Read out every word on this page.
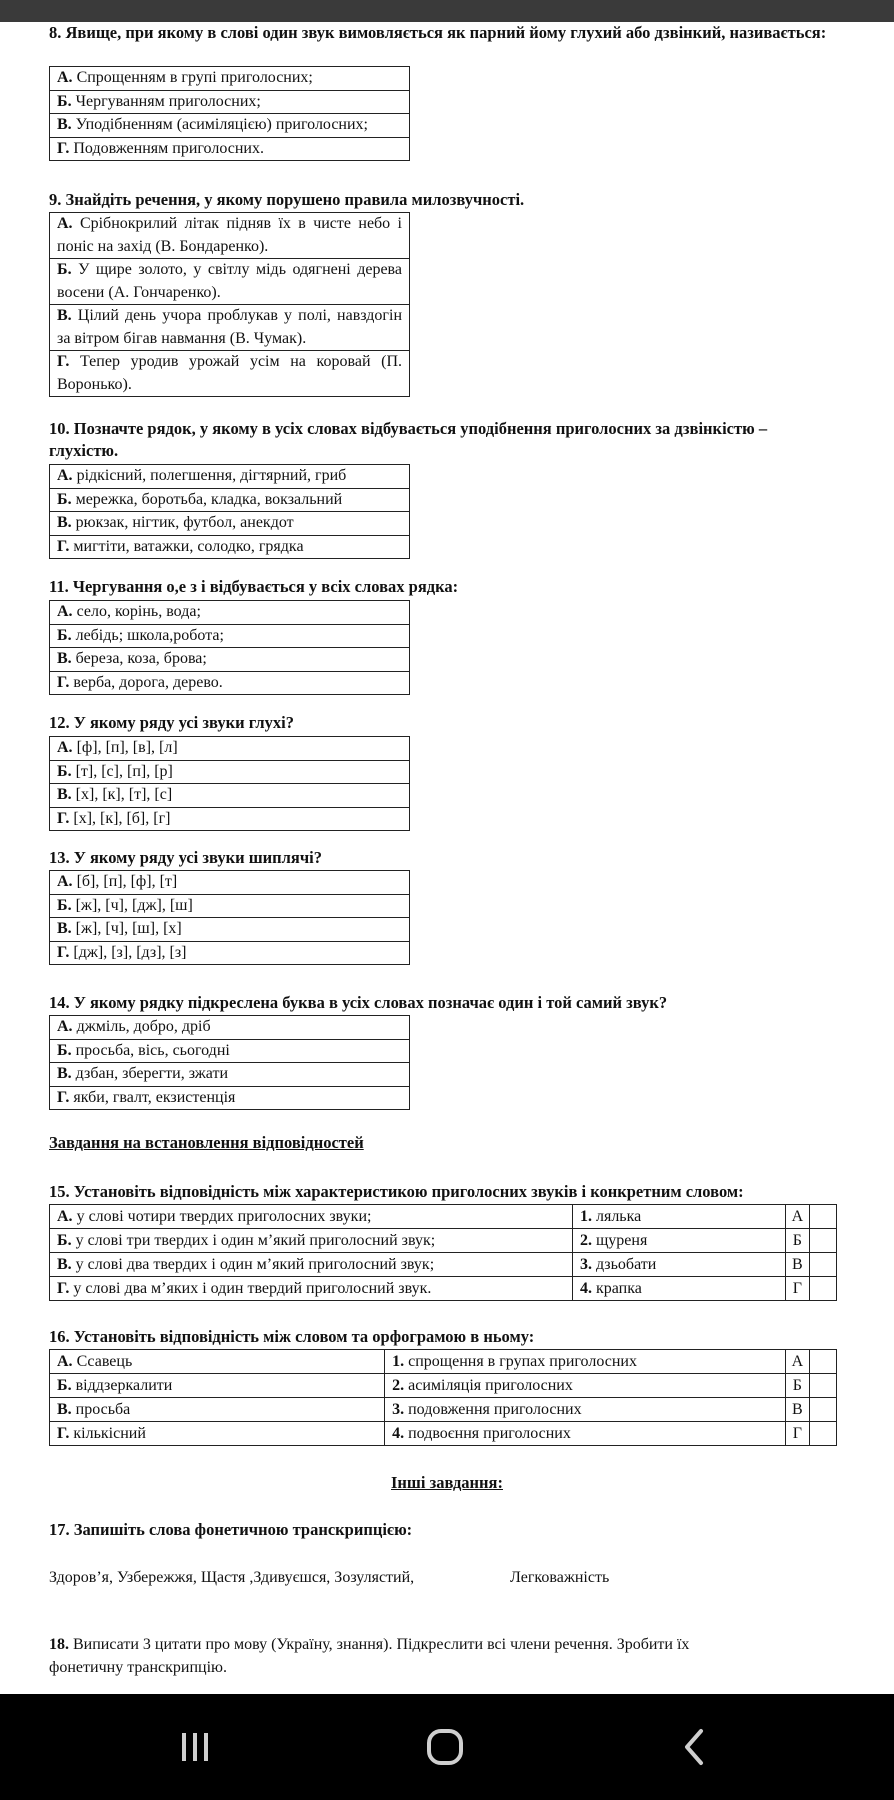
8. Явище, при якому в слові один звук вимовляється як парний йому глухий або дзвінкий, називається:
А. Спрощенням в групі приголосних;
Б. Чергуванням приголосних;
В. Уподібненням (асиміляцією) приголосних;
Г. Подовженням приголосних.
9. Знайдіть речення, у якому порушено правила милозвучності.
А. Срібнокрилий літак підняв їх в чисте небо і поніс на захід (В. Бондаренко).
Б. У щире золото, у світлу мідь одягнені дерева восени (А. Гончаренко).
В. Цілий день учора проблукав у полі, навздогін за вітром бігав навмання (В. Чумак).
Г. Тепер уродив урожай усім на коровай (П. Воронько).
10. Позначте рядок, у якому в усіх словах відбувається уподібнення приголосних за дзвінкістю – глухістю.
А. рідкісний, полегшення, дігтярний, гриб
Б. мережка, боротьба, кладка, вокзальний
В. рюкзак, нігтик, футбол, анекдот
Г. мигтіти, ватажки, солодко, грядка
11. Чергування о,е з і відбувається у всіх словах рядка:
А. село, корінь, вода;
Б. лебідь; школа,робота;
В. береза, коза, брова;
Г. верба, дорога, дерево.
12. У якому ряду усі звуки глухі?
А. [ф], [п], [в], [л]
Б. [т], [с], [п], [р]
В. [х], [к], [т], [с]
Г. [х], [к], [б], [г]
13. У якому ряду усі звуки шиплячі?
А. [б], [п], [ф], [т]
Б. [ж], [ч], [дж], [ш]
В. [ж], [ч], [ш], [х]
Г. [дж], [з], [дз], [з]
14. У якому рядку підкреслена буква в усіх словах позначає один і той самий звук?
А. джміль, добро, дріб
Б. просьба, вісь, сьогодні
В. дзбан, зберегти, зжати
Г. якби, гвалт, екзистенція
Завдання на встановлення відповідностей
15. Установіть відповідність між характеристикою приголосних звуків і конкретним словом:
А. у слові чотири твердих приголосних звуки;	1. лялька	А	
Б. у слові три твердих і один м’який приголосний звук;	2. щуреня	Б	
В. у слові два твердих і один м’який приголосний звук;	3. дзьобати	В	
Г. у слові два м’яких і один твердий приголосний звук.	4. крапка	Г	
16. Установіть відповідність між словом та орфограмою в ньому:
А. Ссавець	1. спрощення в групах приголосних	А	
Б. віддзеркалити	2. асиміляція приголосних	Б	
В. просьба	3. подовження приголосних	В	
Г. кількісний	4. подвоєння приголосних	Г	
Інші завдання:
17. Запишіть слова фонетичною транскрипцією:
Здоров’я, Узбережжя, Щастя ,Здивуєшся, Зозулястий,	Легковажність
18. Виписати 3 цитати про мову (Україну, знання). Підкреслити всі члени речення. Зробити їх
фонетичну транскрипцію.
